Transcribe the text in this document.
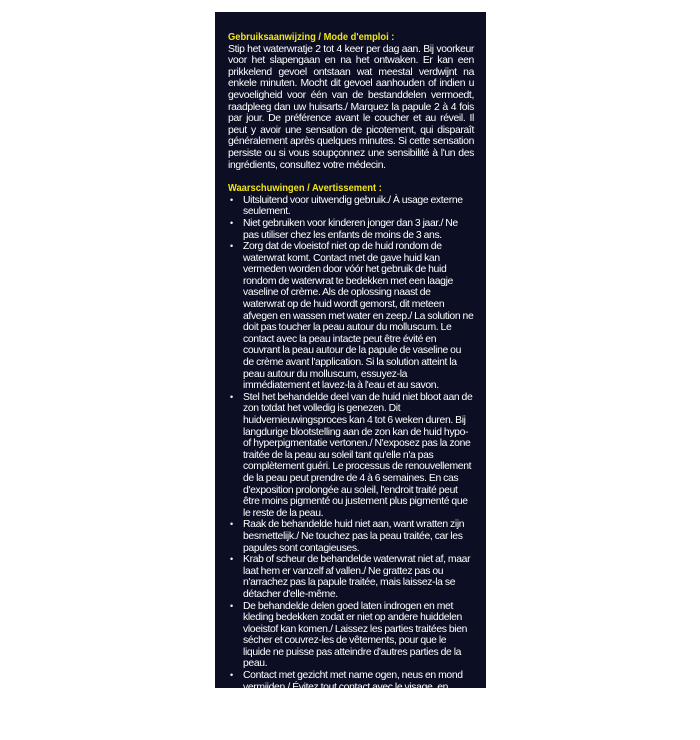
Gebruiksaanwijzing / Mode d'emploi :
Stip het waterwratje 2 tot 4 keer per dag aan. Bij voorkeur voor het slapengaan en na het ontwaken. Er kan een prikkelend gevoel ontstaan wat meestal verdwijnt na enkele minuten. Mocht dit gevoel aanhouden of indien u gevoeligheid voor één van de bestanddelen vermoedt, raadpleeg dan uw huisarts./ Marquez la papule 2 à 4 fois par jour. De préférence avant le coucher et au réveil. Il peut y avoir une sensation de picotement, qui disparaît généralement après quelques minutes. Si cette sensation persiste ou si vous soupçonnez une sensibilité à l'un des ingrédients, consultez votre médecin.
Waarschuwingen / Avertissement :
• Uitsluitend voor uitwendig gebruik./ À usage externe seulement.
• Niet gebruiken voor kinderen jonger dan 3 jaar./ Ne pas utiliser chez les enfants de moins de 3 ans.
• Zorg dat de vloeistof niet op de huid rondom de waterwrat komt. Contact met de gave huid kan vermeden worden door vóór het gebruik de huid rondom de waterwrat te bedekken met een laagje vaseline of crème. Als de oplossing naast de waterwrat op de huid wordt gemorst, dit meteen afvegen en wassen met water en zeep./ La solution ne doit pas toucher la peau autour du molluscum. Le contact avec la peau intacte peut être évité en couvrant la peau autour de la papule de vaseline ou de crème avant l'application. Si la solution atteint la peau autour du molluscum, essuyez-la immédiatement et lavez-la à l'eau et au savon.
• Stel het behandelde deel van de huid niet bloot aan de zon totdat het volledig is genezen. Dit huidvernieuwingsproces kan 4 tot 6 weken duren. Bij langdurige blootstelling aan de zon kan de huid hypo- of hyperpigmentatie vertonen./ N'exposez pas la zone traitée de la peau au soleil tant qu'elle n'a pas complètement guéri. Le processus de renouvellement de la peau peut prendre de 4 à 6 semaines. En cas d'exposition prolongée au soleil, l'endroit traité peut être moins pigmenté ou justement plus pigmenté que le reste de la peau.
• Raak de behandelde huid niet aan, want wratten zijn besmettelijk./ Ne touchez pas la peau traitée, car les papules sont contagieuses.
• Krab of scheur de behandelde waterwrat niet af, maar laat hem er vanzelf af vallen./ Ne grattez pas ou n'arrachez pas la papule traitée, mais laissez-la se détacher d'elle-même.
• De behandelde delen goed laten indrogen en met kleding bedekken zodat er niet op andere huiddelen vloeistof kan komen./ Laissez les parties traitées bien sécher et couvrez-les de vêtements, pour que le liquide ne puisse pas atteindre d'autres parties de la peau.
• Contact met gezicht met name ogen, neus en mond vermijden./ Évitez tout contact avec le visage, en particulier les yeux, le nez et la bouche.
• Houd het behandelde gebied schoon om infectie te voorkomen./ Maintenez la zone traitée propre pour éviter une infection.
